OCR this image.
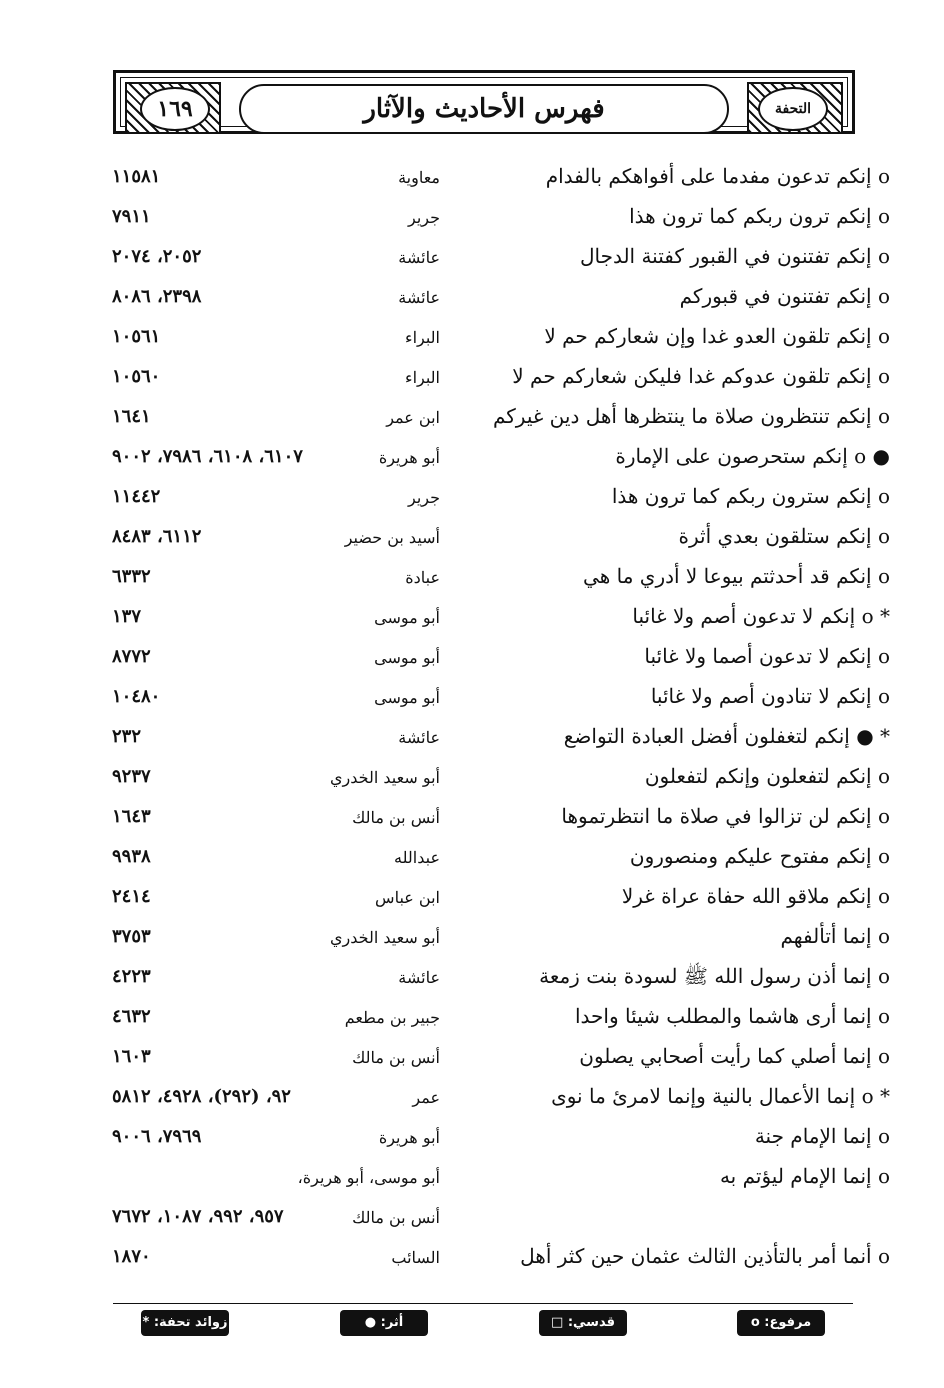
١٦٩	التحفة
فهرس الأحاديث والآثار
o إنكم تدعون مفدما على أفواهكم بالفدام
معاوية
١١٥٨١
o إنكم ترون ربكم كما ترون هذا
جرير
٧٩١١
o إنكم تفتنون في القبور كفتنة الدجال
عائشة
٢٠٥٢، ٢٠٧٤
o إنكم تفتنون في قبوركم
عائشة
٢٣٩٨، ٨٠٨٦
o إنكم تلقون العدو غدا وإن شعاركم حم لا
البراء
١٠٥٦١
o إنكم تلقون عدوكم غدا فليكن شعاركم حم لا
البراء
١٠٥٦٠
o إنكم تنتظرون صلاة ما ينتظرها أهل دين غيركم
ابن عمر
١٦٤١
● o إنكم ستحرصون على الإمارة
أبو هريرة
٦١٠٧، ٦١٠٨، ٧٩٨٦، ٩٠٠٢
o إنكم سترون ربكم كما ترون هذا
جرير
١١٤٤٢
o إنكم ستلقون بعدي أثرة
أسيد بن حضير
٦١١٢، ٨٤٨٣
o إنكم قد أحدثتم بيوعا لا أدري ما هي
عبادة
٦٣٣٢
* o إنكم لا تدعون أصم ولا غائبا
أبو موسى
١٣٧
o إنكم لا تدعون أصما ولا غائبا
أبو موسى
٨٧٧٢
o إنكم لا تنادون أصم ولا غائبا
أبو موسى
١٠٤٨٠
* ● إنكم لتغفلون أفضل العبادة التواضع
عائشة
٢٣٢
o إنكم لتفعلون وإنكم لتفعلون
أبو سعيد الخدري
٩٢٣٧
o إنكم لن تزالوا في صلاة ما انتظرتموها
أنس بن مالك
١٦٤٣
o إنكم مفتوح عليكم ومنصورون
عبدالله
٩٩٣٨
o إنكم ملاقو الله حفاة عراة غرلا
ابن عباس
٢٤١٤
o إنما أتألفهم
أبو سعيد الخدري
٣٧٥٣
o إنما أذن رسول الله ﷺ لسودة بنت زمعة
عائشة
٤٢٢٣
o إنما أرى هاشما والمطلب شيئا واحدا
جبير بن مطعم
٤٦٣٢
o إنما أصلي كما رأيت أصحابي يصلون
أنس بن مالك
١٦٠٣
* o إنما الأعمال بالنية وإنما لامرئ ما نوى
عمر
٩٢، (٢٩٢)، ٤٩٢٨، ٥٨١٢
o إنما الإمام جنة
أبو هريرة
٧٩٦٩، ٩٠٠٦
o إنما الإمام ليؤتم به
أبو موسى، أبو هريرة،
أنس بن مالك
٩٥٧، ٩٩٢، ١٠٨٧، ٧٦٧٢
o أنما أمر بالتأذين الثالث عثمان حين كثر أهل
السائب
١٨٧٠
مرفوع: o
قدسي: □
أثر: ●
زوائد تحفة: *
